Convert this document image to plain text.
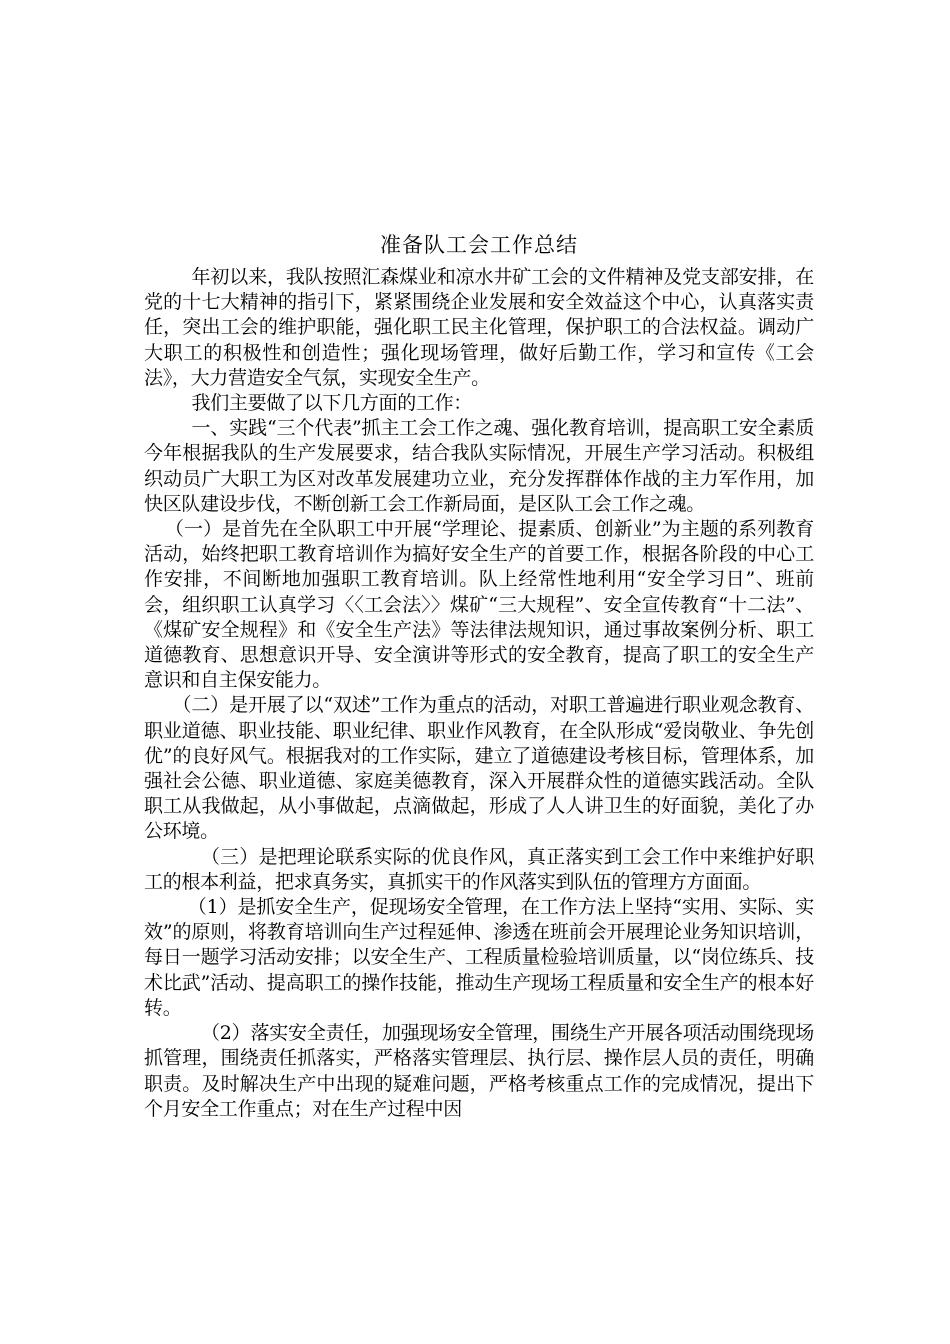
准备队工会工作总结

年初以来，我队按照汇森煤业和凉水井矿工会的文件精神及党支部安排，在党的十七大精神的指引下，紧紧围绕企业发展和安全效益这个中心，认真落实责任，突出工会的维护职能，强化职工民主化管理，保护职工的合法权益。调动广大职工的积极性和创造性；强化现场管理，做好后勤工作，学习和宣传《工会法》，大力营造安全气氛，实现安全生产。

我们主要做了以下几方面的工作：

一、实践“三个代表”抓主工会工作之魂、强化教育培训，提高职工安全素质 今年根据我队的生产发展要求，结合我队实际情况，开展生产学习活动。积极组织动员广大职工为区对改革发展建功立业，充分发挥群体作战的主力军作用，加快区队建设步伐，不断创新工会工作新局面，是区队工会工作之魂。

（一）是首先在全队职工中开展“学理论、提素质、创新业”为主题的系列教育活动，始终把职工教育培训作为搞好安全生产的首要工作，根据各阶段的中心工作安排，不间断地加强职工教育培训。队上经常性地利用“安全学习日”、班前会，组织职工认真学习〈〈工会法〉〉煤矿“三大规程”、安全宣传教育“十二法”、《煤矿安全规程》和《安全生产法》等法律法规知识，通过事故案例分析、职工道德教育、思想意识开导、安全演讲等形式的安全教育，提高了职工的安全生产意识和自主保安能力。

（二）是开展了以“双述”工作为重点的活动，对职工普遍进行职业观念教育、职业道德、职业技能、职业纪律、职业作风教育，在全队形成“爱岗敬业、争先创优”的良好风气。根据我对的工作实际，建立了道德建设考核目标，管理体系，加强社会公德、职业道德、家庭美德教育，深入开展群众性的道德实践活动。全队职工从我做起，从小事做起，点滴做起，形成了人人讲卫生的好面貌，美化了办公环境。

（三）是把理论联系实际的优良作风，真正落实到工会工作中来维护好职工的根本利益，把求真务实，真抓实干的作风落实到队伍的管理方方面面。

（1）是抓安全生产，促现场安全管理，在工作方法上坚持“实用、实际、实效”的原则，将教育培训向生产过程延伸、渗透在班前会开展理论业务知识培训，每日一题学习活动安排；以安全生产、工程质量检验培训质量，以“岗位练兵、技术比武”活动、提高职工的操作技能，推动生产现场工程质量和安全生产的根本好转。

（2）落实安全责任，加强现场安全管理，围绕生产开展各项活动围绕现场抓管理，围绕责任抓落实，严格落实管理层、执行层、操作层人员的责任，明确职责。及时解决生产中出现的疑难问题，严格考核重点工作的完成情况，提出下个月安全工作重点；对在生产过程中因
